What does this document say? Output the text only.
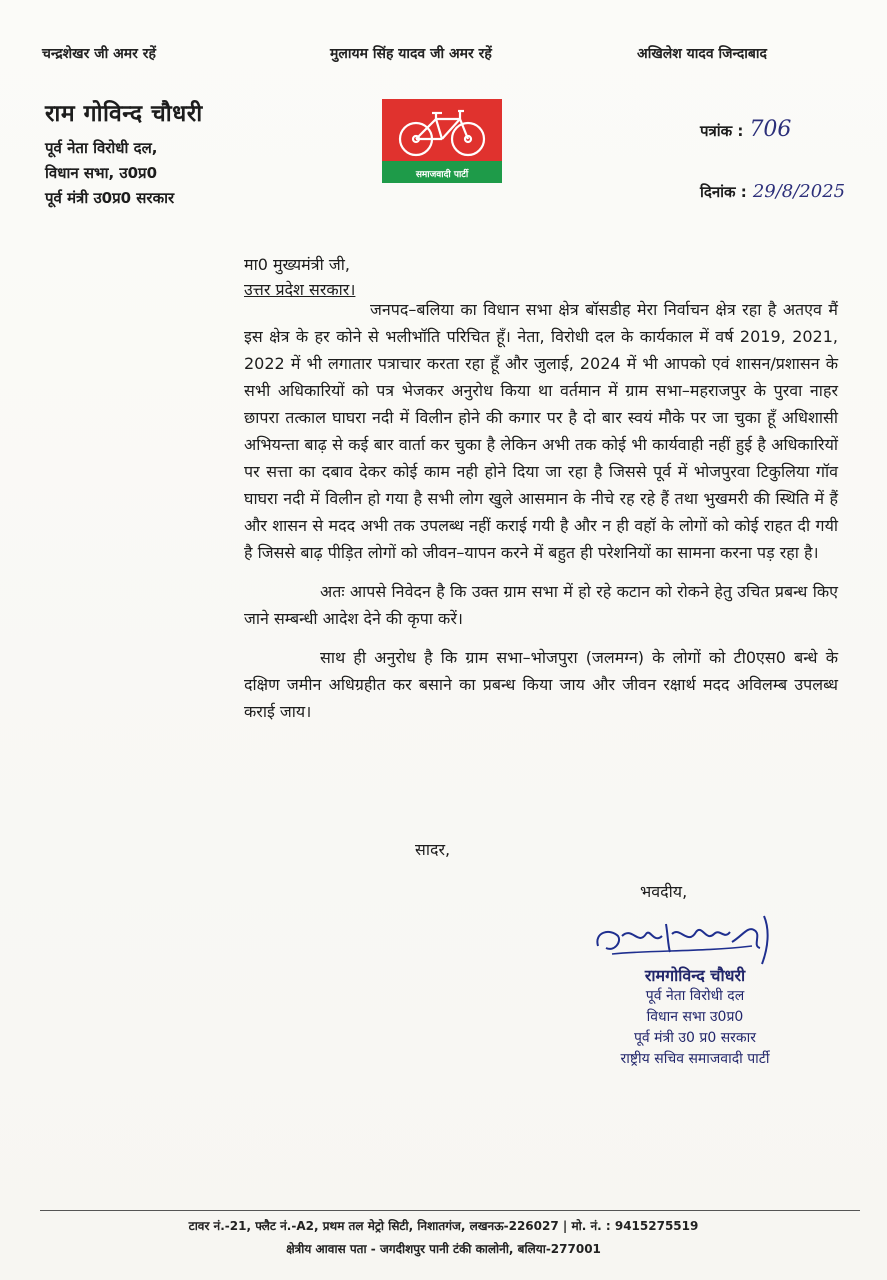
चन्द्रशेखर जी अमर रहें	मुलायम सिंह यादव जी अमर रहें	अखिलेश यादव जिन्दाबाद
राम गोविन्द चौधरी
पूर्व नेता विरोधी दल,
विधान सभा, उ0प्र0
पूर्व मंत्री उ0प्र0 सरकार
समाजवादी पार्टी
पत्रांक : 706
दिनांक : 29/8/2025
मा0 मुख्यमंत्री जी,
उत्तर प्रदेश सरकार।

जनपद–बलिया का विधान सभा क्षेत्र बॉसडीह मेरा निर्वाचन क्षेत्र रहा है अतएव मैं इस क्षेत्र के हर कोने से भलीभॉति परिचित हूँ। नेता, विरोधी दल के कार्यकाल में वर्ष 2019, 2021, 2022 में भी लगातार पत्राचार करता रहा हूँ और जुलाई, 2024 में भी आपको एवं शासन/प्रशासन के सभी अधिकारियों को पत्र भेजकर अनुरोध किया था वर्तमान में ग्राम सभा–महराजपुर के पुरवा नाहर छापरा तत्काल घाघरा नदी में विलीन होने की कगार पर है दो बार स्वयं मौके पर जा चुका हूँ अधिशासी अभियन्ता बाढ़ से कई बार वार्ता कर चुका है लेकिन अभी तक कोई भी कार्यवाही नहीं हुई है अधिकारियों पर सत्ता का दबाव देकर कोई काम नही होने दिया जा रहा है जिससे पूर्व में भोजपुरवा टिकुलिया गॉव घाघरा नदी में विलीन हो गया है सभी लोग खुले आसमान के नीचे रह रहे हैं तथा भुखमरी की स्थिति में हैं और शासन से मदद अभी तक उपलब्ध नहीं कराई गयी है और न ही वहॉ के लोगों को कोई राहत दी गयी है जिससे बाढ़ पीड़ित लोगों को जीवन–यापन करने में बहुत ही परेशनियों का सामना करना पड़ रहा है।

अतः आपसे निवेदन है कि उक्त ग्राम सभा में हो रहे कटान को रोकने हेतु उचित प्रबन्ध किए जाने सम्बन्धी आदेश देने की कृपा करें।

साथ ही अनुरोध है कि ग्राम सभा–भोजपुरा (जलमग्न) के लोगों को टी0एस0 बन्धे के दक्षिण जमीन अधिग्रहीत कर बसाने का प्रबन्ध किया जाय और जीवन रक्षार्थ मदद अविलम्ब उपलब्ध कराई जाय।

सादर,
भवदीय,
रामगोविन्द चौधरी
पूर्व नेता विरोधी दल
विधान सभा उ0प्र0
पूर्व मंत्री उ0 प्र0 सरकार
राष्ट्रीय सचिव समाजवादी पार्टी
टावर नं.-21, फ्लैट नं.-A2, प्रथम तल मेट्रो सिटी, निशातगंज, लखनऊ-226027 | मो. नं. : 9415275519
क्षेत्रीय आवास पता - जगदीशपुर पानी टंकी कालोनी, बलिया-277001
